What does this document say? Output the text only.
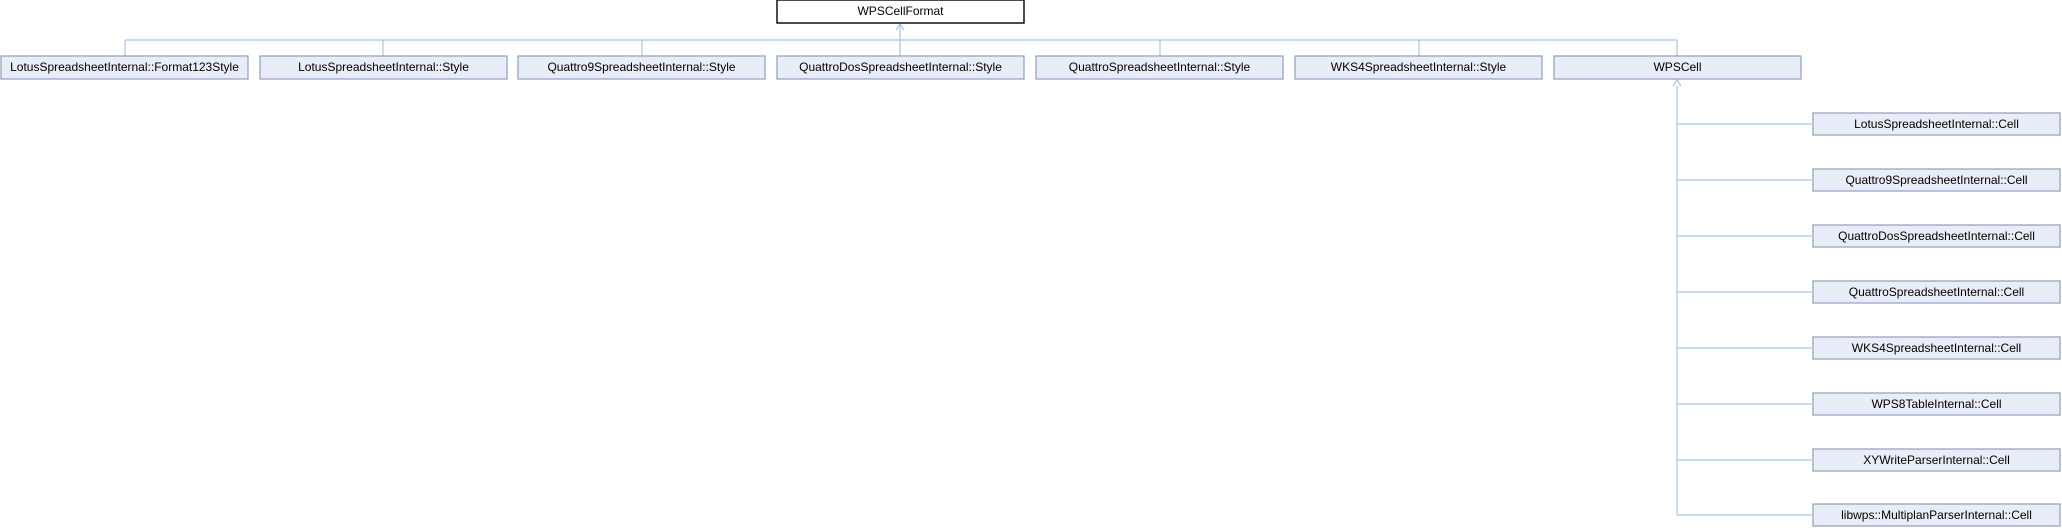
WPSCellFormat
LotusSpreadsheetInternal::Format123Style	LotusSpreadsheetInternal::Style	Quattro9SpreadsheetInternal::Style	QuattroDosSpreadsheetInternal::Style	QuattroSpreadsheetInternal::Style	WKS4SpreadsheetInternal::Style	WPSCell
LotusSpreadsheetInternal::Cell
Quattro9SpreadsheetInternal::Cell
QuattroDosSpreadsheetInternal::Cell
QuattroSpreadsheetInternal::Cell
WKS4SpreadsheetInternal::Cell
WPS8TableInternal::Cell
XYWriteParserInternal::Cell
libwps::MultiplanParserInternal::Cell
